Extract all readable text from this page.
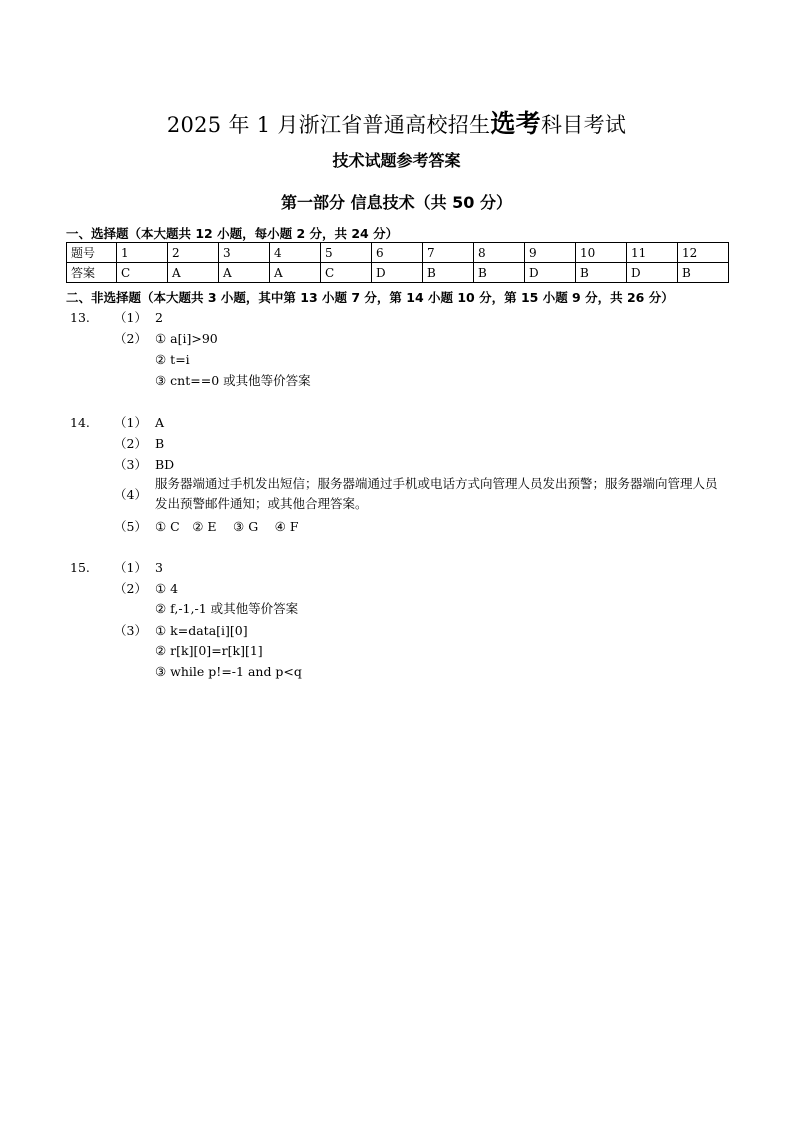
2025 年 1 月浙江省普通高校招生选考科目考试
技术试题参考答案
第一部分 信息技术（共 50 分）
一、选择题（本大题共 12 小题，每小题 2 分，共 24 分）
题号	1	2	3	4	5	6	7	8	9	10	11	12
答案	C	A	A	A	C	D	B	B	D	B	D	B
二、非选择题（本大题共 3 小题，其中第 13 小题 7 分，第 14 小题 10 分，第 15 小题 9 分，共 26 分）
13. （1） 2
（2） ① a[i]>90
② t=i
③ cnt==0 或其他等价答案
14. （1） A
（2） B
（3） BD
（4）
服务器端通过手机发出短信；服务器端通过手机或电话方式向管理人员发出预警；服务器端向管理人员发出预警邮件通知；或其他合理答案。
（5） ① C　② E　 ③ G　 ④ F
15. （1） 3
（2） ① 4
② f,-1,-1 或其他等价答案
（3） ① k=data[i][0]
② r[k][0]=r[k][1]
③ while p!=-1 and p<q
